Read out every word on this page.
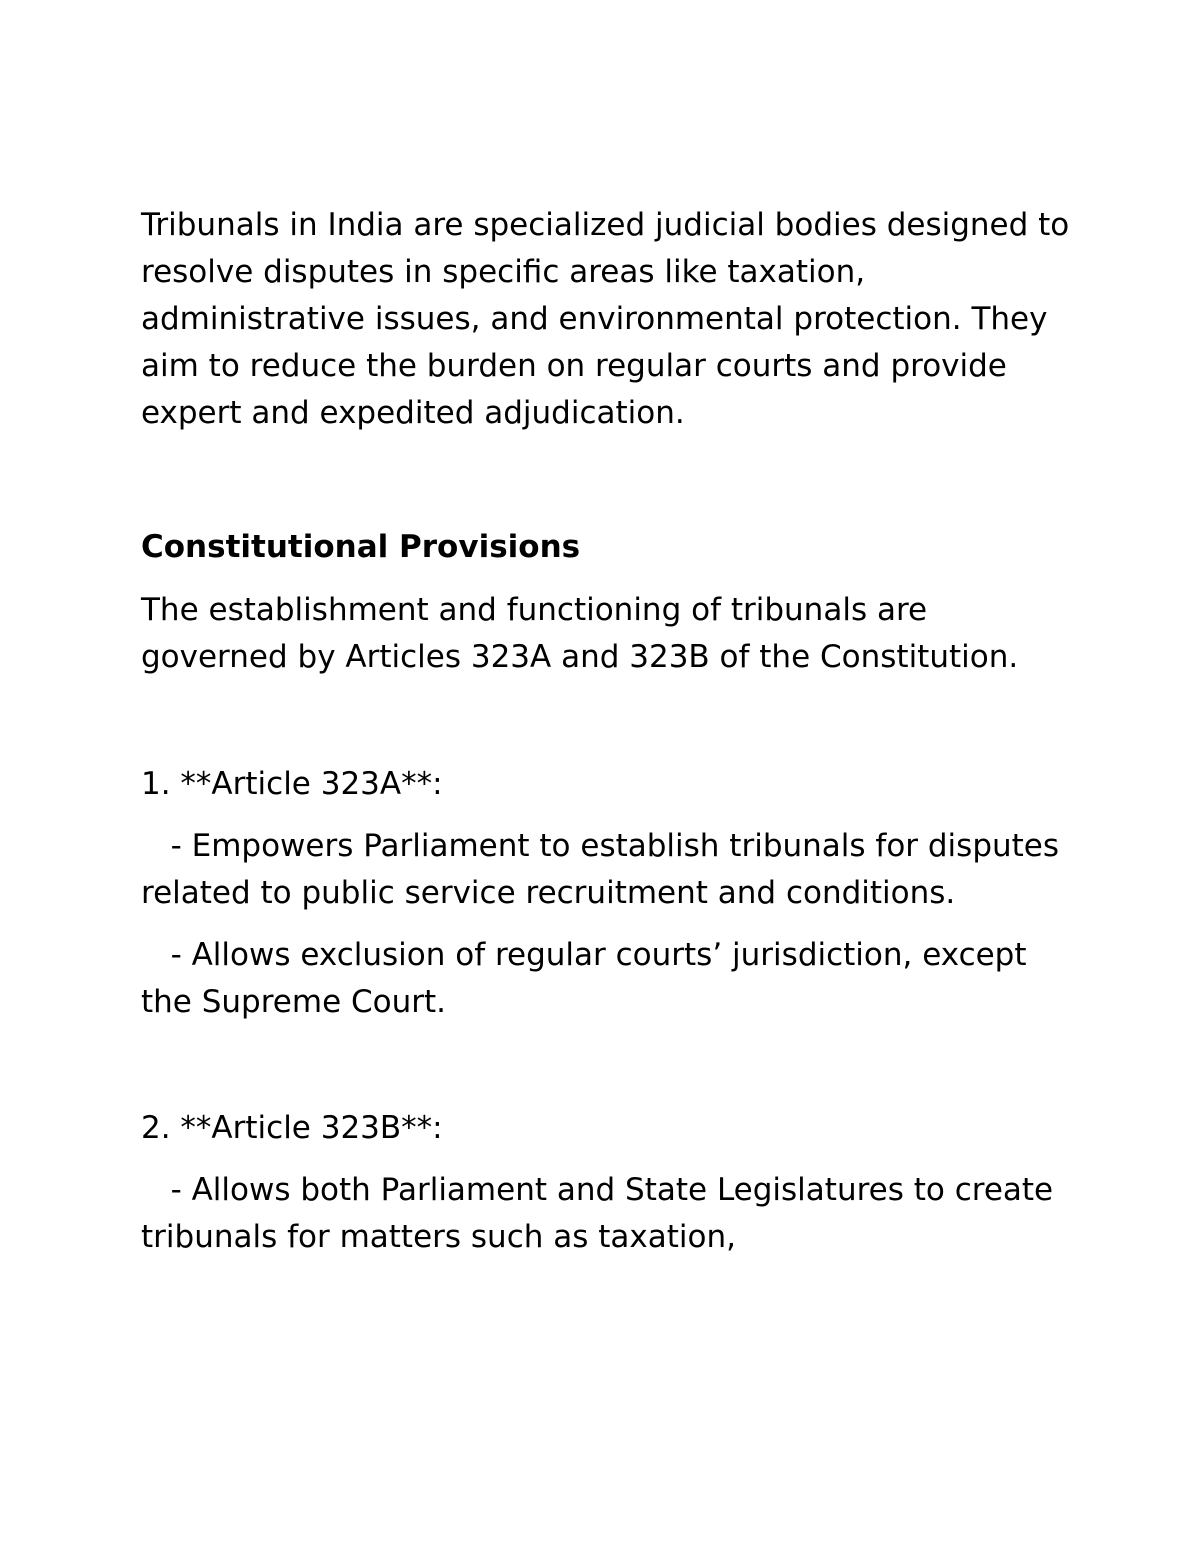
Tribunals in India are specialized judicial bodies designed to resolve disputes in specific areas like taxation, administrative issues, and environmental protection. They aim to reduce the burden on regular courts and provide expert and expedited adjudication.

Constitutional Provisions

The establishment and functioning of tribunals are governed by Articles 323A and 323B of the Constitution.

1. **Article 323A**:

- Empowers Parliament to establish tribunals for disputes related to public service recruitment and conditions.

- Allows exclusion of regular courts’ jurisdiction, except the Supreme Court.

2. **Article 323B**:

- Allows both Parliament and State Legislatures to create tribunals for matters such as taxation,
